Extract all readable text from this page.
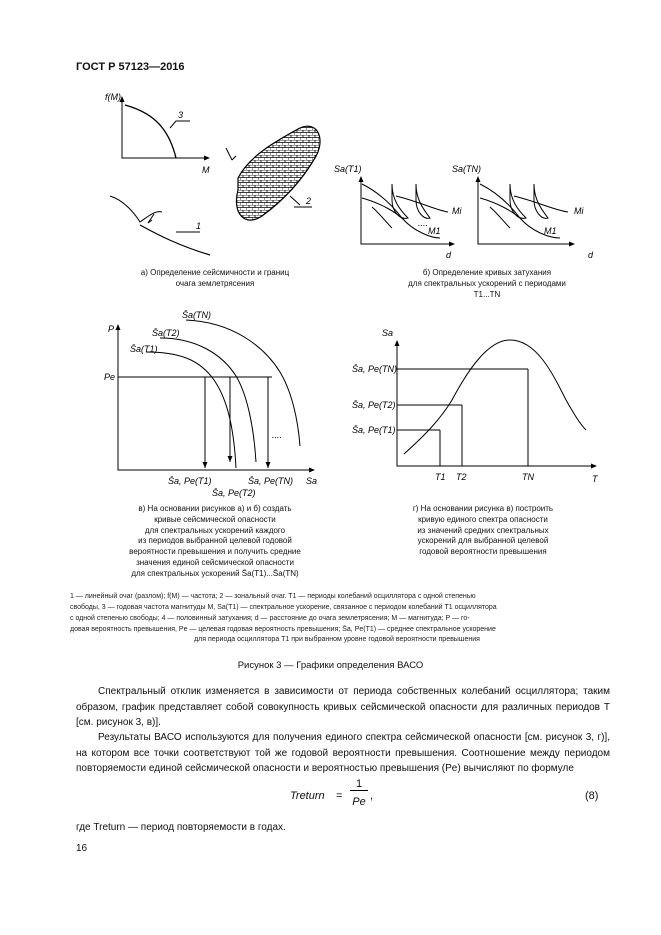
ГОСТ Р 57123—2016
f(M)
M
3
1
2
Sa(T1)	Sa(TN)
M1
Mi
....
d
M1
Mi
d
P
Pe
S̄a(T1)
S̄a(T2)
S̄a(TN)
....
Sa
S̄a, Pe(T1)
S̄a, Pe(T2)
S̄a, Pe(TN)
Sa
T
S̄a, Pe(TN)
S̄a, Pe(T2)
S̄a, Pe(T1)
T1 T2	TN
а) Определение сейсмичности и границ
очага землетрясения
б) Определение кривых затухания
для спектральных ускорений с периодами
T1...TN
в) На основании рисунков а) и б) создать
кривые сейсмической опасности
для спектральных ускорений каждого
из периодов выбранной целевой годовой
вероятности превышения и получить средние
значения единой сейсмической опасности
для спектральных ускорений S̄a(T1)...S̄a(TN)
г) На основании рисунка в) построить
кривую единого спектра опасности
из значений средних спектральных
ускорений для выбранной целевой
годовой вероятности превышения

1 — линейный очаг (разлом); f(M) — частота; 2 — зональный очаг. T1 — периоды колебаний осциллятора с одной степенью

свободы, 3 — годовая частота магнитуды M, Sa(T1) — спектральное ускорение, связанное с периодом колебаний T1 осциллятора

с одной степенью свободы; 4 — половинный затухания; d — расстояние до очага землетрясения; M — магнитуда; P — го-

довая вероятность превышения, Pe — целевая годовая вероятность превышения; S̄a, Pe(T1) — среднее спектральное ускорение

для периода осциллятора T1 при выбранном уровне годовой вероятности превышения

Рисунок 3 — Графики определения ВАСО

Спектральный отклик изменяется в зависимости от периода собственных колебаний осциллятора; таким образом, график представляет собой совокупность кривых сейсмической опасности для различных периодов T [см. рисунок 3, в)].

Результаты ВАСО используются для получения единого спектра сейсмической опасности [см. рисунок 3, г)], на котором все точки соответствуют той же годовой вероятности превышения. Соотношение между периодом повторяемости единой сейсмической опасности и вероятностью превышения (Pe) вычисляют по формуле

Treturn =
1
Pe ,	(8)

где Treturn — период повторяемости в годах.

16
